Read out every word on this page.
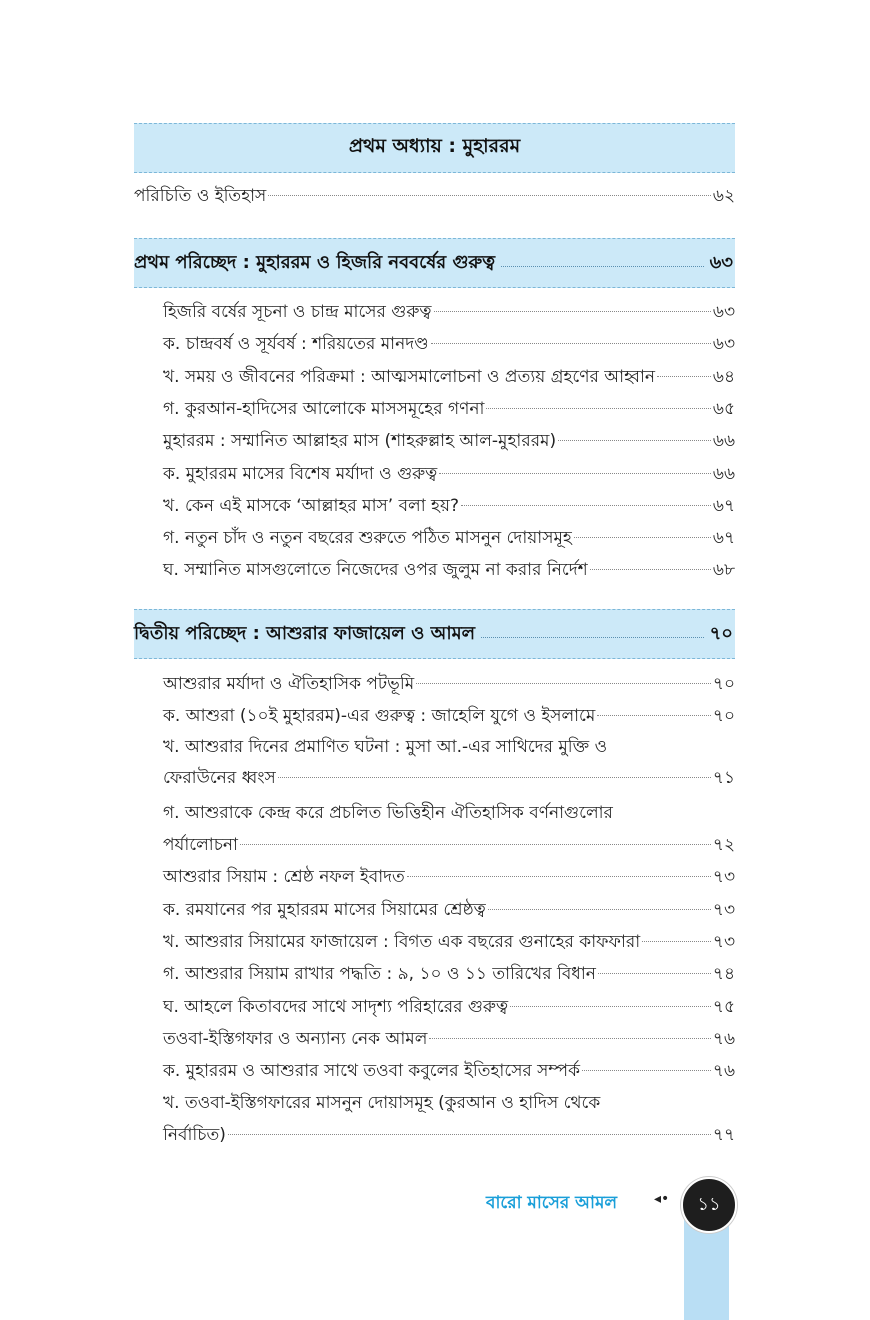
প্রথম অধ্যায় : মুহাররম
পরিচিতি ও ইতিহাস	৬২
প্রথম পরিচ্ছেদ : মুহাররম ও হিজরি নববর্ষের গুরুত্ব	৬৩
হিজরি বর্ষের সূচনা ও চান্দ্র মাসের গুরুত্ব	৬৩
ক. চান্দ্রবর্ষ ও সূর্যবর্ষ : শরিয়তের মানদণ্ড	৬৩
খ. সময় ও জীবনের পরিক্রমা : আত্মসমালোচনা ও প্রত্যয় গ্রহণের আহ্বান	৬৪
গ. কুরআন-হাদিসের আলোকে মাসসমূহের গণনা	৬৫
মুহাররম : সম্মানিত আল্লাহর মাস (শাহরুল্লাহ আল-মুহাররম)	৬৬
ক. মুহাররম মাসের বিশেষ মর্যাদা ও গুরুত্ব	৬৬
খ. কেন এই মাসকে ‘আল্লাহর মাস’ বলা হয়?	৬৭
গ. নতুন চাঁদ ও নতুন বছরের শুরুতে পঠিত মাসনুন দোয়াসমূহ	৬৭
ঘ. সম্মানিত মাসগুলোতে নিজেদের ওপর জুলুম না করার নির্দেশ	৬৮
দ্বিতীয় পরিচ্ছেদ : আশুরার ফাজায়েল ও আমল	৭০
আশুরার মর্যাদা ও ঐতিহাসিক পটভূমি	৭০
ক. আশুরা (১০ই মুহাররম)-এর গুরুত্ব : জাহেলি যুগে ও ইসলামে	৭০
খ. আশুরার দিনের প্রমাণিত ঘটনা : মুসা আ.-এর সাথিদের মুক্তি ও
ফেরাউনের ধ্বংস	৭১
গ. আশুরাকে কেন্দ্র করে প্রচলিত ভিত্তিহীন ঐতিহাসিক বর্ণনাগুলোর
পর্যালোচনা	৭২
আশুরার সিয়াম : শ্রেষ্ঠ নফল ইবাদত	৭৩
ক. রমযানের পর মুহাররম মাসের সিয়ামের শ্রেষ্ঠত্ব	৭৩
খ. আশুরার সিয়ামের ফাজায়েল : বিগত এক বছরের গুনাহের কাফফারা	৭৩
গ. আশুরার সিয়াম রাখার পদ্ধতি : ৯, ১০ ও ১১ তারিখের বিধান	৭৪
ঘ. আহলে কিতাবদের সাথে সাদৃশ্য পরিহারের গুরুত্ব	৭৫
তওবা-ইস্তিগফার ও অন্যান্য নেক আমল	৭৬
ক. মুহাররম ও আশুরার সাথে তওবা কবুলের ইতিহাসের সম্পর্ক	৭৬
খ. তওবা-ইস্তিগফারের মাসনুন দোয়াসমূহ (কুরআন ও হাদিস থেকে
নির্বাচিত)	৭৭
বারো মাসের আমল	◂• ১১
